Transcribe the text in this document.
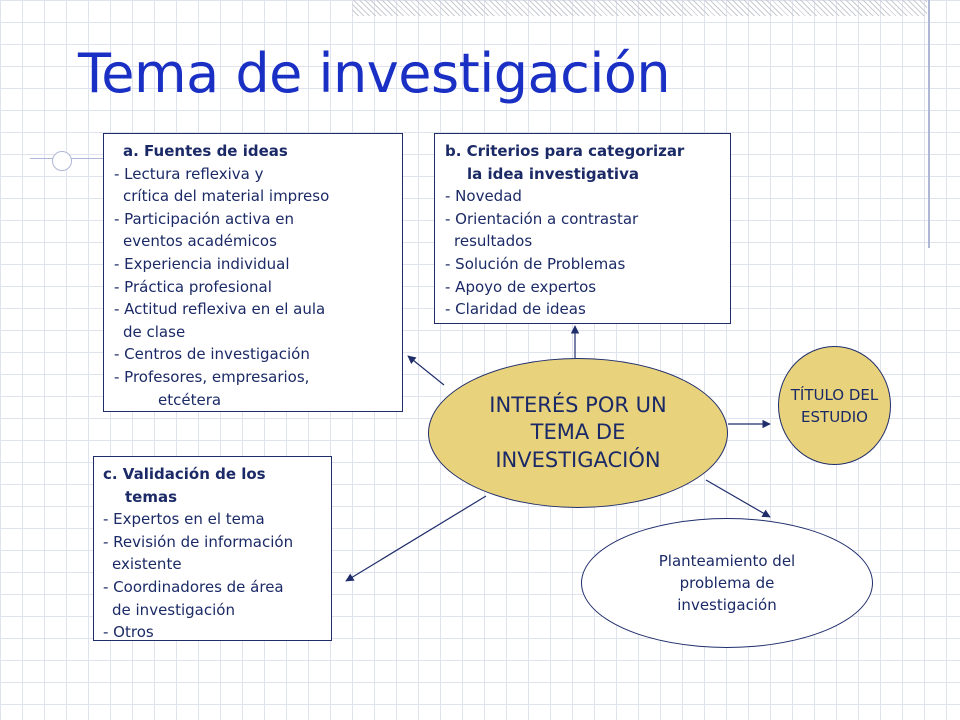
Tema de investigación
a. Fuentes de ideas
- Lectura reflexiva y
crítica del material impreso
- Participación activa en
eventos académicos
- Experiencia individual
- Práctica profesional
- Actitud reflexiva en el aula
de clase
- Centros de investigación
- Profesores, empresarios,
etcétera
b. Criterios para categorizar
la idea investigativa
- Novedad
- Orientación a contrastar
resultados
- Solución de Problemas
- Apoyo de expertos
- Claridad de ideas
c. Validación de los
temas
- Expertos en el tema
- Revisión de información
existente
- Coordinadores de área
de investigación
- Otros
INTERÉS POR UN TEMA DE INVESTIGACIÓN
TÍTULO DEL ESTUDIO
Planteamiento del problema de investigación
